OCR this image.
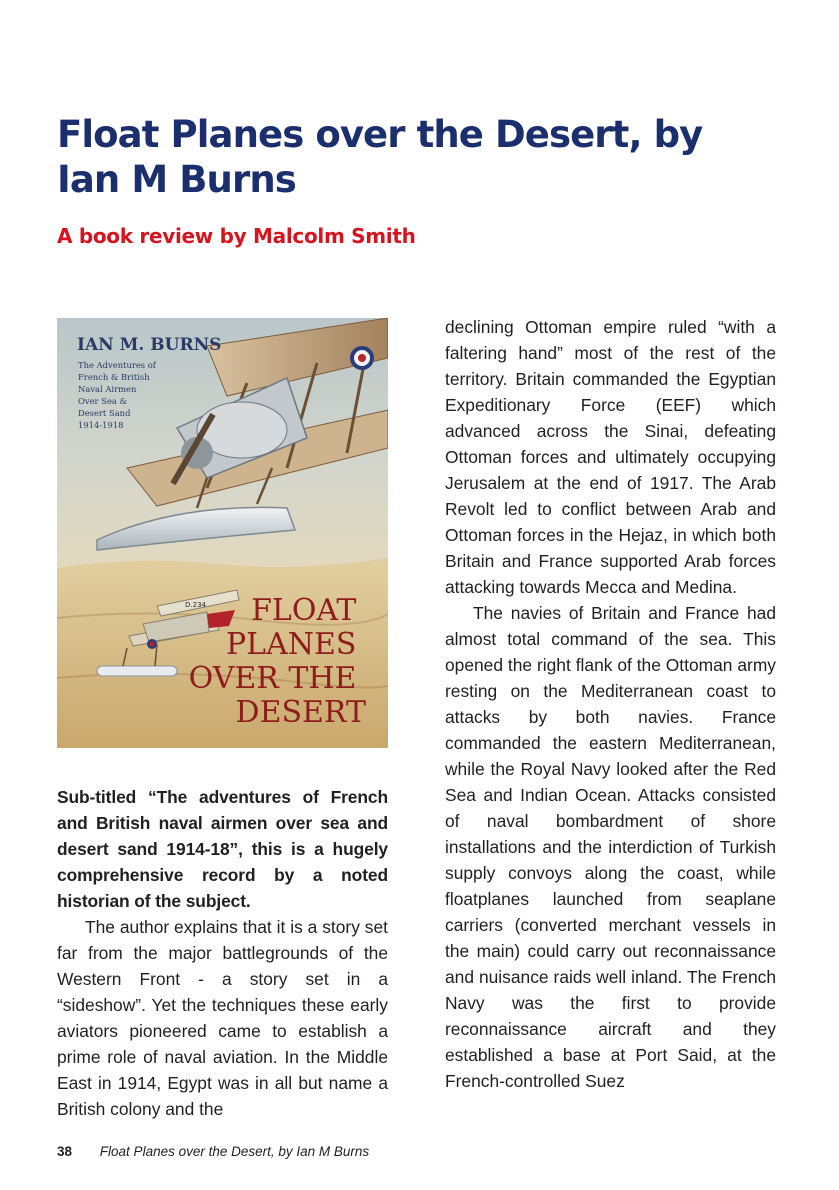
Float Planes over the Desert, by Ian M Burns
A book review by Malcolm Smith
D.234
IAN M. BURNS
The Adventures of French & British Naval Airmen Over Sea & Desert Sand 1914-1918
FLOAT PLANES OVER THE DESERT

Sub-titled “The adventures of French and British naval airmen over sea and desert sand 1914-18”, this is a hugely comprehensive record by a noted historian of the subject.

The author explains that it is a story set far from the major battlegrounds of the Western Front - a story set in a “sideshow”. Yet the techniques these early aviators pioneered came to establish a prime role of naval aviation. In the Middle East in 1914, Egypt was in all but name a British colony and the

declining Ottoman empire ruled “with a faltering hand” most of the rest of the territory. Britain commanded the Egyptian Expeditionary Force (EEF) which advanced across the Sinai, defeating Ottoman forces and ultimately occupying Jerusalem at the end of 1917. The Arab Revolt led to conflict between Arab and Ottoman forces in the Hejaz, in which both Britain and France supported Arab forces attacking towards Mecca and Medina.

The navies of Britain and France had almost total command of the sea. This opened the right flank of the Ottoman army resting on the Mediterranean coast to attacks by both navies. France commanded the eastern Mediterranean, while the Royal Navy looked after the Red Sea and Indian Ocean. Attacks consisted of naval bombardment of shore installations and the interdiction of Turkish supply convoys along the coast, while floatplanes launched from seaplane carriers (converted merchant vessels in the main) could carry out reconnaissance and nuisance raids well inland. The French Navy was the first to provide reconnaissance aircraft and they established a base at Port Said, at the French-controlled Suez

38 Float Planes over the Desert, by Ian M Burns
